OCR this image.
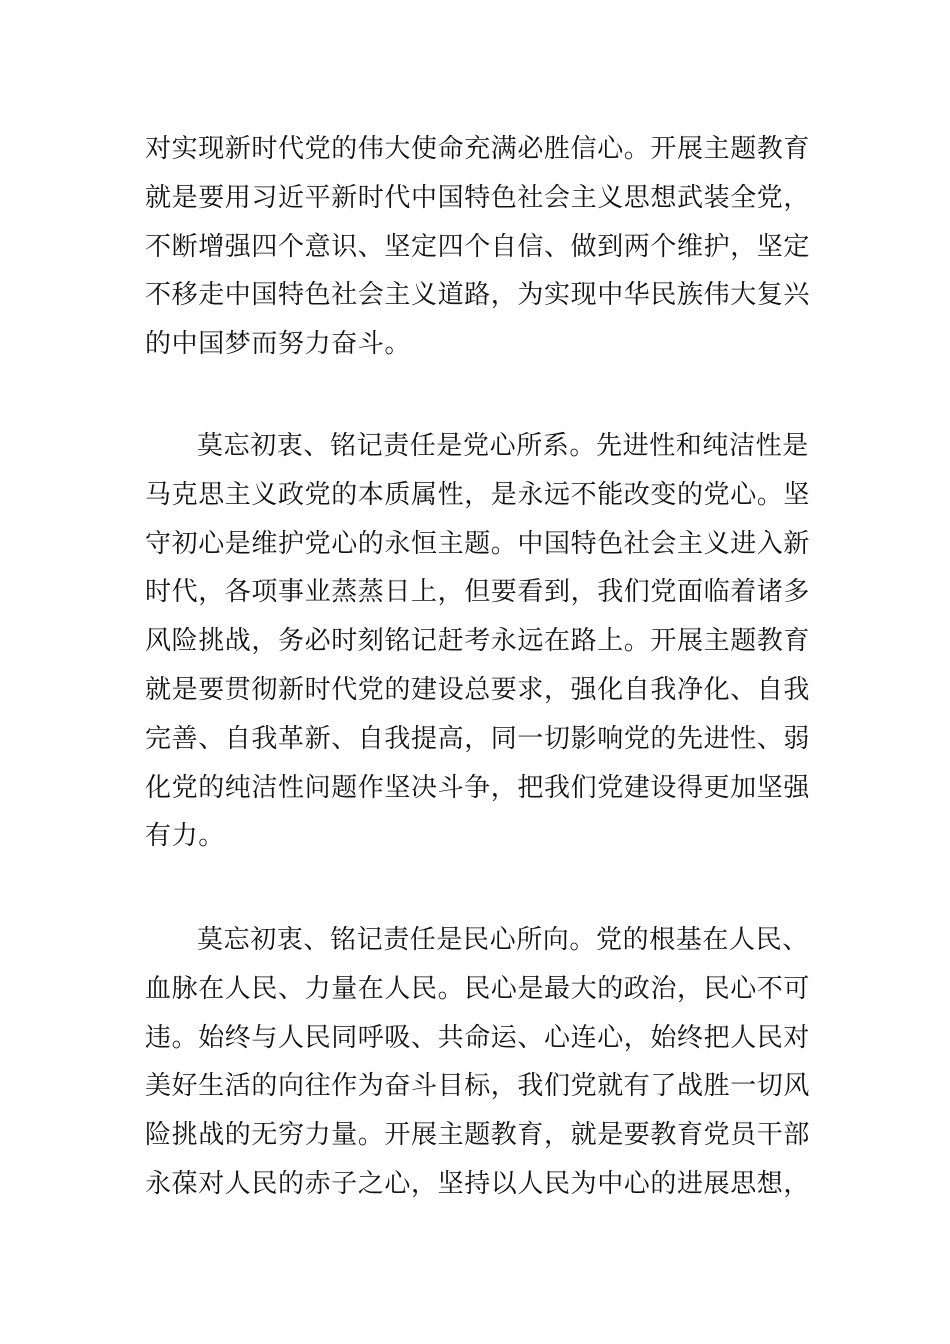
对实现新时代党的伟大使命充满必胜信心。开展主题教育
就是要用习近平新时代中国特色社会主义思想武装全党，
不断增强四个意识、坚定四个自信、做到两个维护，坚定
不移走中国特色社会主义道路，为实现中华民族伟大复兴
的中国梦而努力奋斗。
莫忘初衷、铭记责任是党心所系。先进性和纯洁性是
马克思主义政党的本质属性，是永远不能改变的党心。坚
守初心是维护党心的永恒主题。中国特色社会主义进入新
时代，各项事业蒸蒸日上，但要看到，我们党面临着诸多
风险挑战，务必时刻铭记赶考永远在路上。开展主题教育
就是要贯彻新时代党的建设总要求，强化自我净化、自我
完善、自我革新、自我提高，同一切影响党的先进性、弱
化党的纯洁性问题作坚决斗争，把我们党建设得更加坚强
有力。
莫忘初衷、铭记责任是民心所向。党的根基在人民、
血脉在人民、力量在人民。民心是最大的政治，民心不可
违。始终与人民同呼吸、共命运、心连心，始终把人民对
美好生活的向往作为奋斗目标，我们党就有了战胜一切风
险挑战的无穷力量。开展主题教育，就是要教育党员干部
永葆对人民的赤子之心，坚持以人民为中心的进展思想，
